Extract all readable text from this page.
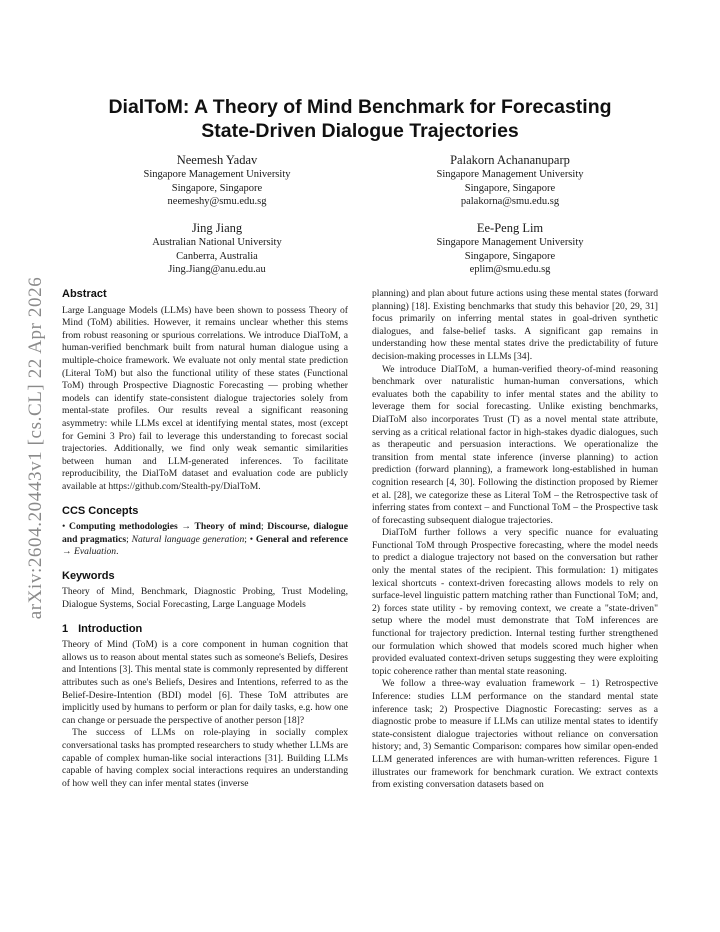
arXiv:2604.20443v1 [cs.CL] 22 Apr 2026
DialToM: A Theory of Mind Benchmark for Forecasting
State-Driven Dialogue Trajectories
Neemesh Yadav
Singapore Management University
Singapore, Singapore
neemeshy@smu.edu.sg
Palakorn Achananuparp
Singapore Management University
Singapore, Singapore
palakorna@smu.edu.sg
Jing Jiang
Australian National University
Canberra, Australia
Jing.Jiang@anu.edu.au
Ee-Peng Lim
Singapore Management University
Singapore, Singapore
eplim@smu.edu.sg
Abstract

Large Language Models (LLMs) have been shown to possess Theory of Mind (ToM) abilities. However, it remains unclear whether this stems from robust reasoning or spurious correlations. We introduce DialToM, a human-verified benchmark built from natural human dialogue using a multiple-choice framework. We evaluate not only mental state prediction (Literal ToM) but also the functional utility of these states (Functional ToM) through Prospective Diagnostic Forecasting — probing whether models can identify state-consistent dialogue trajectories solely from mental-state profiles. Our results reveal a significant reasoning asymmetry: while LLMs excel at identifying mental states, most (except for Gemini 3 Pro) fail to leverage this understanding to forecast social trajectories. Additionally, we find only weak semantic similarities between human and LLM-generated inferences. To facilitate reproducibility, the DialToM dataset and evaluation code are publicly available at https://github.com/Stealth-py/DialToM.

CCS Concepts

• Computing methodologies → Theory of mind; Discourse, dialogue and pragmatics; Natural language generation; • General and reference → Evaluation.

Keywords

Theory of Mind, Benchmark, Diagnostic Probing, Trust Modeling, Dialogue Systems, Social Forecasting, Large Language Models

1 Introduction

Theory of Mind (ToM) is a core component in human cognition that allows us to reason about mental states such as someone's Beliefs, Desires and Intentions [3]. This mental state is commonly represented by different attributes such as one's Beliefs, Desires and Intentions, referred to as the Belief-Desire-Intention (BDI) model [6]. These ToM attributes are implicitly used by humans to perform or plan for daily tasks, e.g. how one can change or persuade the perspective of another person [18]?

The success of LLMs on role-playing in socially complex conversational tasks has prompted researchers to study whether LLMs are capable of complex human-like social interactions [31]. Building LLMs capable of having complex social interactions requires an understanding of how well they can infer mental states (inverse

planning) and plan about future actions using these mental states (forward planning) [18]. Existing benchmarks that study this behavior [20, 29, 31] focus primarily on inferring mental states in goal-driven synthetic dialogues, and false-belief tasks. A significant gap remains in understanding how these mental states drive the predictability of future decision-making processes in LLMs [34].

We introduce DialToM, a human-verified theory-of-mind reasoning benchmark over naturalistic human-human conversations, which evaluates both the capability to infer mental states and the ability to leverage them for social forecasting. Unlike existing benchmarks, DialToM also incorporates Trust (T) as a novel mental state attribute, serving as a critical relational factor in high-stakes dyadic dialogues, such as therapeutic and persuasion interactions. We operationalize the transition from mental state inference (inverse planning) to action prediction (forward planning), a framework long-established in human cognition research [4, 30]. Following the distinction proposed by Riemer et al. [28], we categorize these as Literal ToM – the Retrospective task of inferring states from context – and Functional ToM – the Prospective task of forecasting subsequent dialogue trajectories.

DialToM further follows a very specific nuance for evaluating Functional ToM through Prospective forecasting, where the model needs to predict a dialogue trajectory not based on the conversation but rather only the mental states of the recipient. This formulation: 1) mitigates lexical shortcuts - context-driven forecasting allows models to rely on surface-level linguistic pattern matching rather than Functional ToM; and, 2) forces state utility - by removing context, we create a "state-driven" setup where the model must demonstrate that ToM inferences are functional for trajectory prediction. Internal testing further strengthened our formulation which showed that models scored much higher when provided evaluated context-driven setups suggesting they were exploiting topic coherence rather than mental state reasoning.

We follow a three-way evaluation framework – 1) Retrospective Inference: studies LLM performance on the standard mental state inference task; 2) Prospective Diagnostic Forecasting: serves as a diagnostic probe to measure if LLMs can utilize mental states to identify state-consistent dialogue trajectories without reliance on conversation history; and, 3) Semantic Comparison: compares how similar open-ended LLM generated inferences are with human-written references. Figure 1 illustrates our framework for benchmark curation. We extract contexts from existing conversation datasets based on
